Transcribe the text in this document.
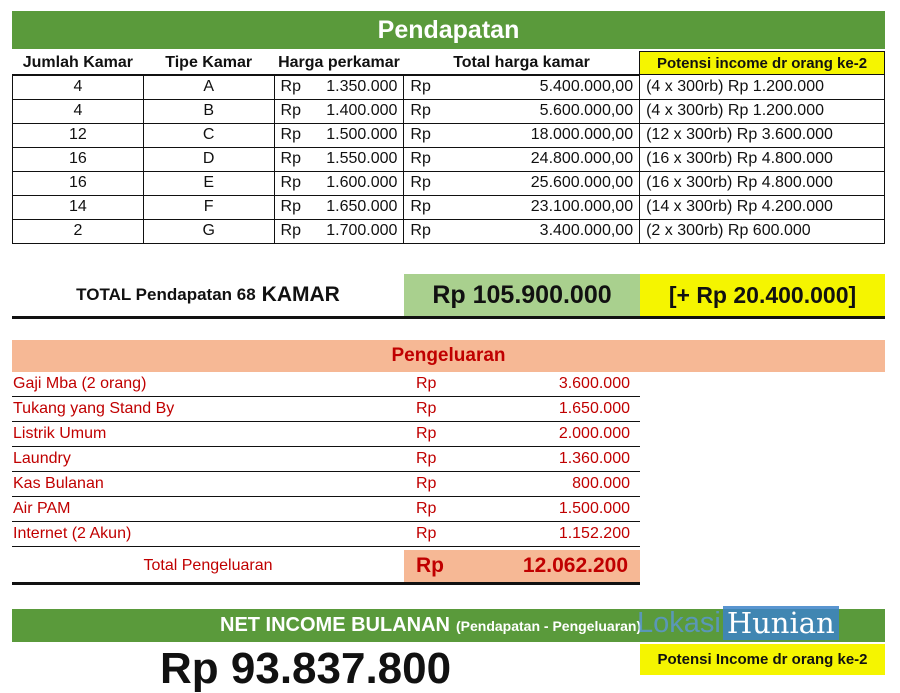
Pendapatan
Jumlah Kamar	Tipe Kamar	Harga perkamar	Total harga kamar	Potensi income dr orang ke-2
4	A	Rp 1.350.000	Rp 5.400.000,00	(4 x 300rb) Rp 1.200.000
4	B	Rp 1.400.000	Rp 5.600.000,00	(4 x 300rb) Rp 1.200.000
12	C	Rp 1.500.000	Rp 18.000.000,00	(12 x 300rb) Rp 3.600.000
16	D	Rp 1.550.000	Rp 24.800.000,00	(16 x 300rb) Rp 4.800.000
16	E	Rp 1.600.000	Rp 25.600.000,00	(16 x 300rb) Rp 4.800.000
14	F	Rp 1.650.000	Rp 23.100.000,00	(14 x 300rb) Rp 4.200.000
2	G	Rp 1.700.000	Rp 3.400.000,00	(2 x 300rb) Rp 600.000
TOTAL Pendapatan 68 KAMAR	Rp 105.900.000	[+ Rp 20.400.000]
Pengeluaran
Gaji Mba (2 orang)	Rp	3.600.000
Tukang yang Stand By	Rp	1.650.000
Listrik Umum	Rp	2.000.000
Laundry	Rp	1.360.000
Kas Bulanan	Rp	800.000
Air PAM	Rp	1.500.000
Internet (2 Akun)	Rp	1.152.200
Total Pengeluaran	Rp	12.062.200
NET INCOME BULANAN (Pendapatan - Pengeluaran)
Potensi Income dr orang ke-2
Rp 93.837.800
Lokasi Hunian
